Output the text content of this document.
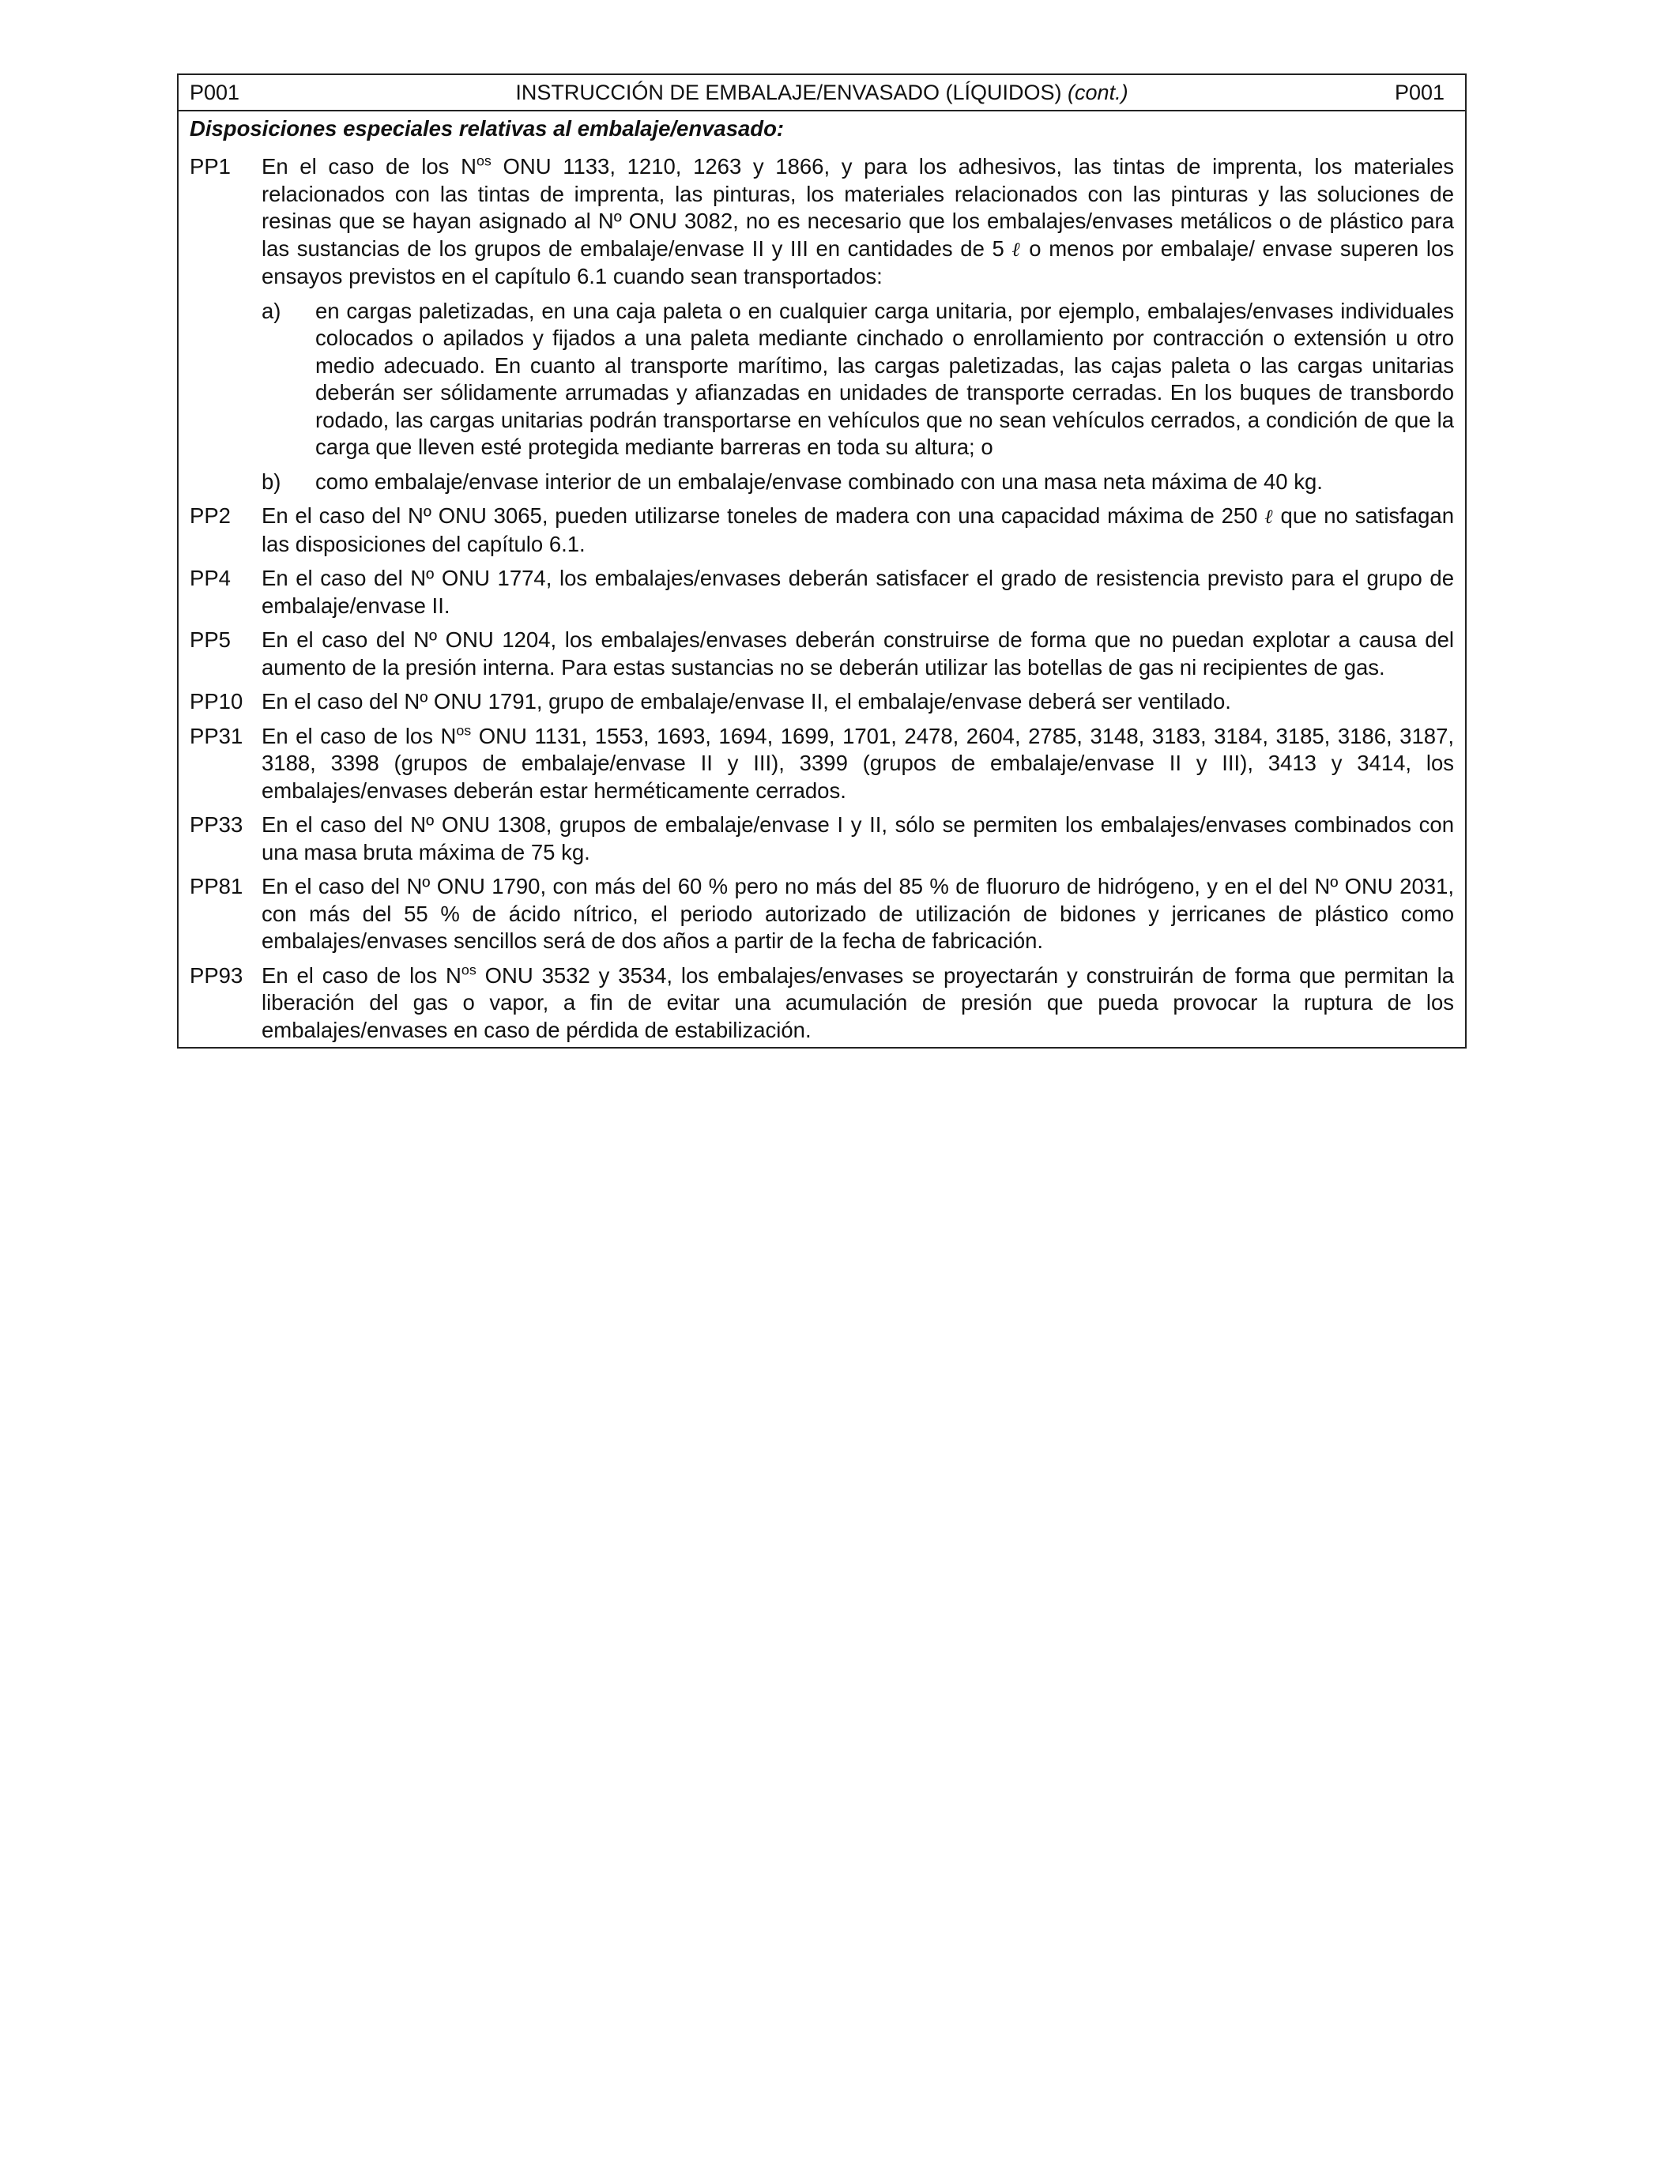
P001	INSTRUCCIÓN DE EMBALAJE/ENVASADO (LÍQUIDOS) (cont.)	P001
Disposiciones especiales relativas al embalaje/envasado:
PP1	En el caso de los $N^{os}$ ONU 1133, 1210, 1263 y 1866, y para los adhesivos, las tintas de imprenta, los materiales relacionados con las tintas de imprenta, las pinturas, los materiales relacionados con las pinturas y las soluciones de resinas que se hayan asignado al Nº ONU 3082, no es necesario que los embalajes/envases metálicos o de plástico para las sustancias de los grupos de embalaje/envase II y III en cantidades de 5 ℓ o menos por embalaje/ envase superen los ensayos previstos en el capítulo 6.1 cuando sean transportados:

a)	en cargas paletizadas, en una caja paleta o en cualquier carga unitaria, por ejemplo, embalajes/envases individuales colocados o apilados y fijados a una paleta mediante cinchado o enrollamiento por contracción o extensión u otro medio adecuado. En cuanto al transporte marítimo, las cargas paletizadas, las cajas paleta o las cargas unitarias deberán ser sólidamente arrumadas y afianzadas en unidades de transporte cerradas. En los buques de transbordo rodado, las cargas unitarias podrán transportarse en vehículos que no sean vehículos cerrados, a condición de que la carga que lleven esté protegida mediante barreras en toda su altura; o
b)	como embalaje/envase interior de un embalaje/envase combinado con una masa neta máxima de 40 kg.
PP2	En el caso del Nº ONU 3065, pueden utilizarse toneles de madera con una capacidad máxima de 250 ℓ que no satisfagan las disposiciones del capítulo 6.1.
PP4	En el caso del Nº ONU 1774, los embalajes/envases deberán satisfacer el grado de resistencia previsto para el grupo de embalaje/envase II.
PP5	En el caso del Nº ONU 1204, los embalajes/envases deberán construirse de forma que no puedan explotar a causa del aumento de la presión interna. Para estas sustancias no se deberán utilizar las botellas de gas ni recipientes de gas.
PP10 En el caso del Nº ONU 1791, grupo de embalaje/envase II, el embalaje/envase deberá ser ventilado.
PP31 En el caso de los $N^{os}$ ONU 1131, 1553, 1693, 1694, 1699, 1701, 2478, 2604, 2785, 3148, 3183, 3184, 3185, 3186, 3187, 3188, 3398 (grupos de embalaje/envase II y III), 3399 (grupos de embalaje/envase II y III), 3413 y 3414, los embalajes/envases deberán estar herméticamente cerrados.
PP33 En el caso del Nº ONU 1308, grupos de embalaje/envase I y II, sólo se permiten los embalajes/envases combinados con una masa bruta máxima de 75 kg.
PP81 En el caso del Nº ONU 1790, con más del 60 % pero no más del 85 % de fluoruro de hidrógeno, y en el del Nº ONU 2031, con más del 55 % de ácido nítrico, el periodo autorizado de utilización de bidones y jerricanes de plástico como embalajes/envases sencillos será de dos años a partir de la fecha de fabricación.
PP93 En el caso de los $N^{os}$ ONU 3532 y 3534, los embalajes/envases se proyectarán y construirán de forma que permitan la liberación del gas o vapor, a fin de evitar una acumulación de presión que pueda provocar la ruptura de los embalajes/envases en caso de pérdida de estabilización.
